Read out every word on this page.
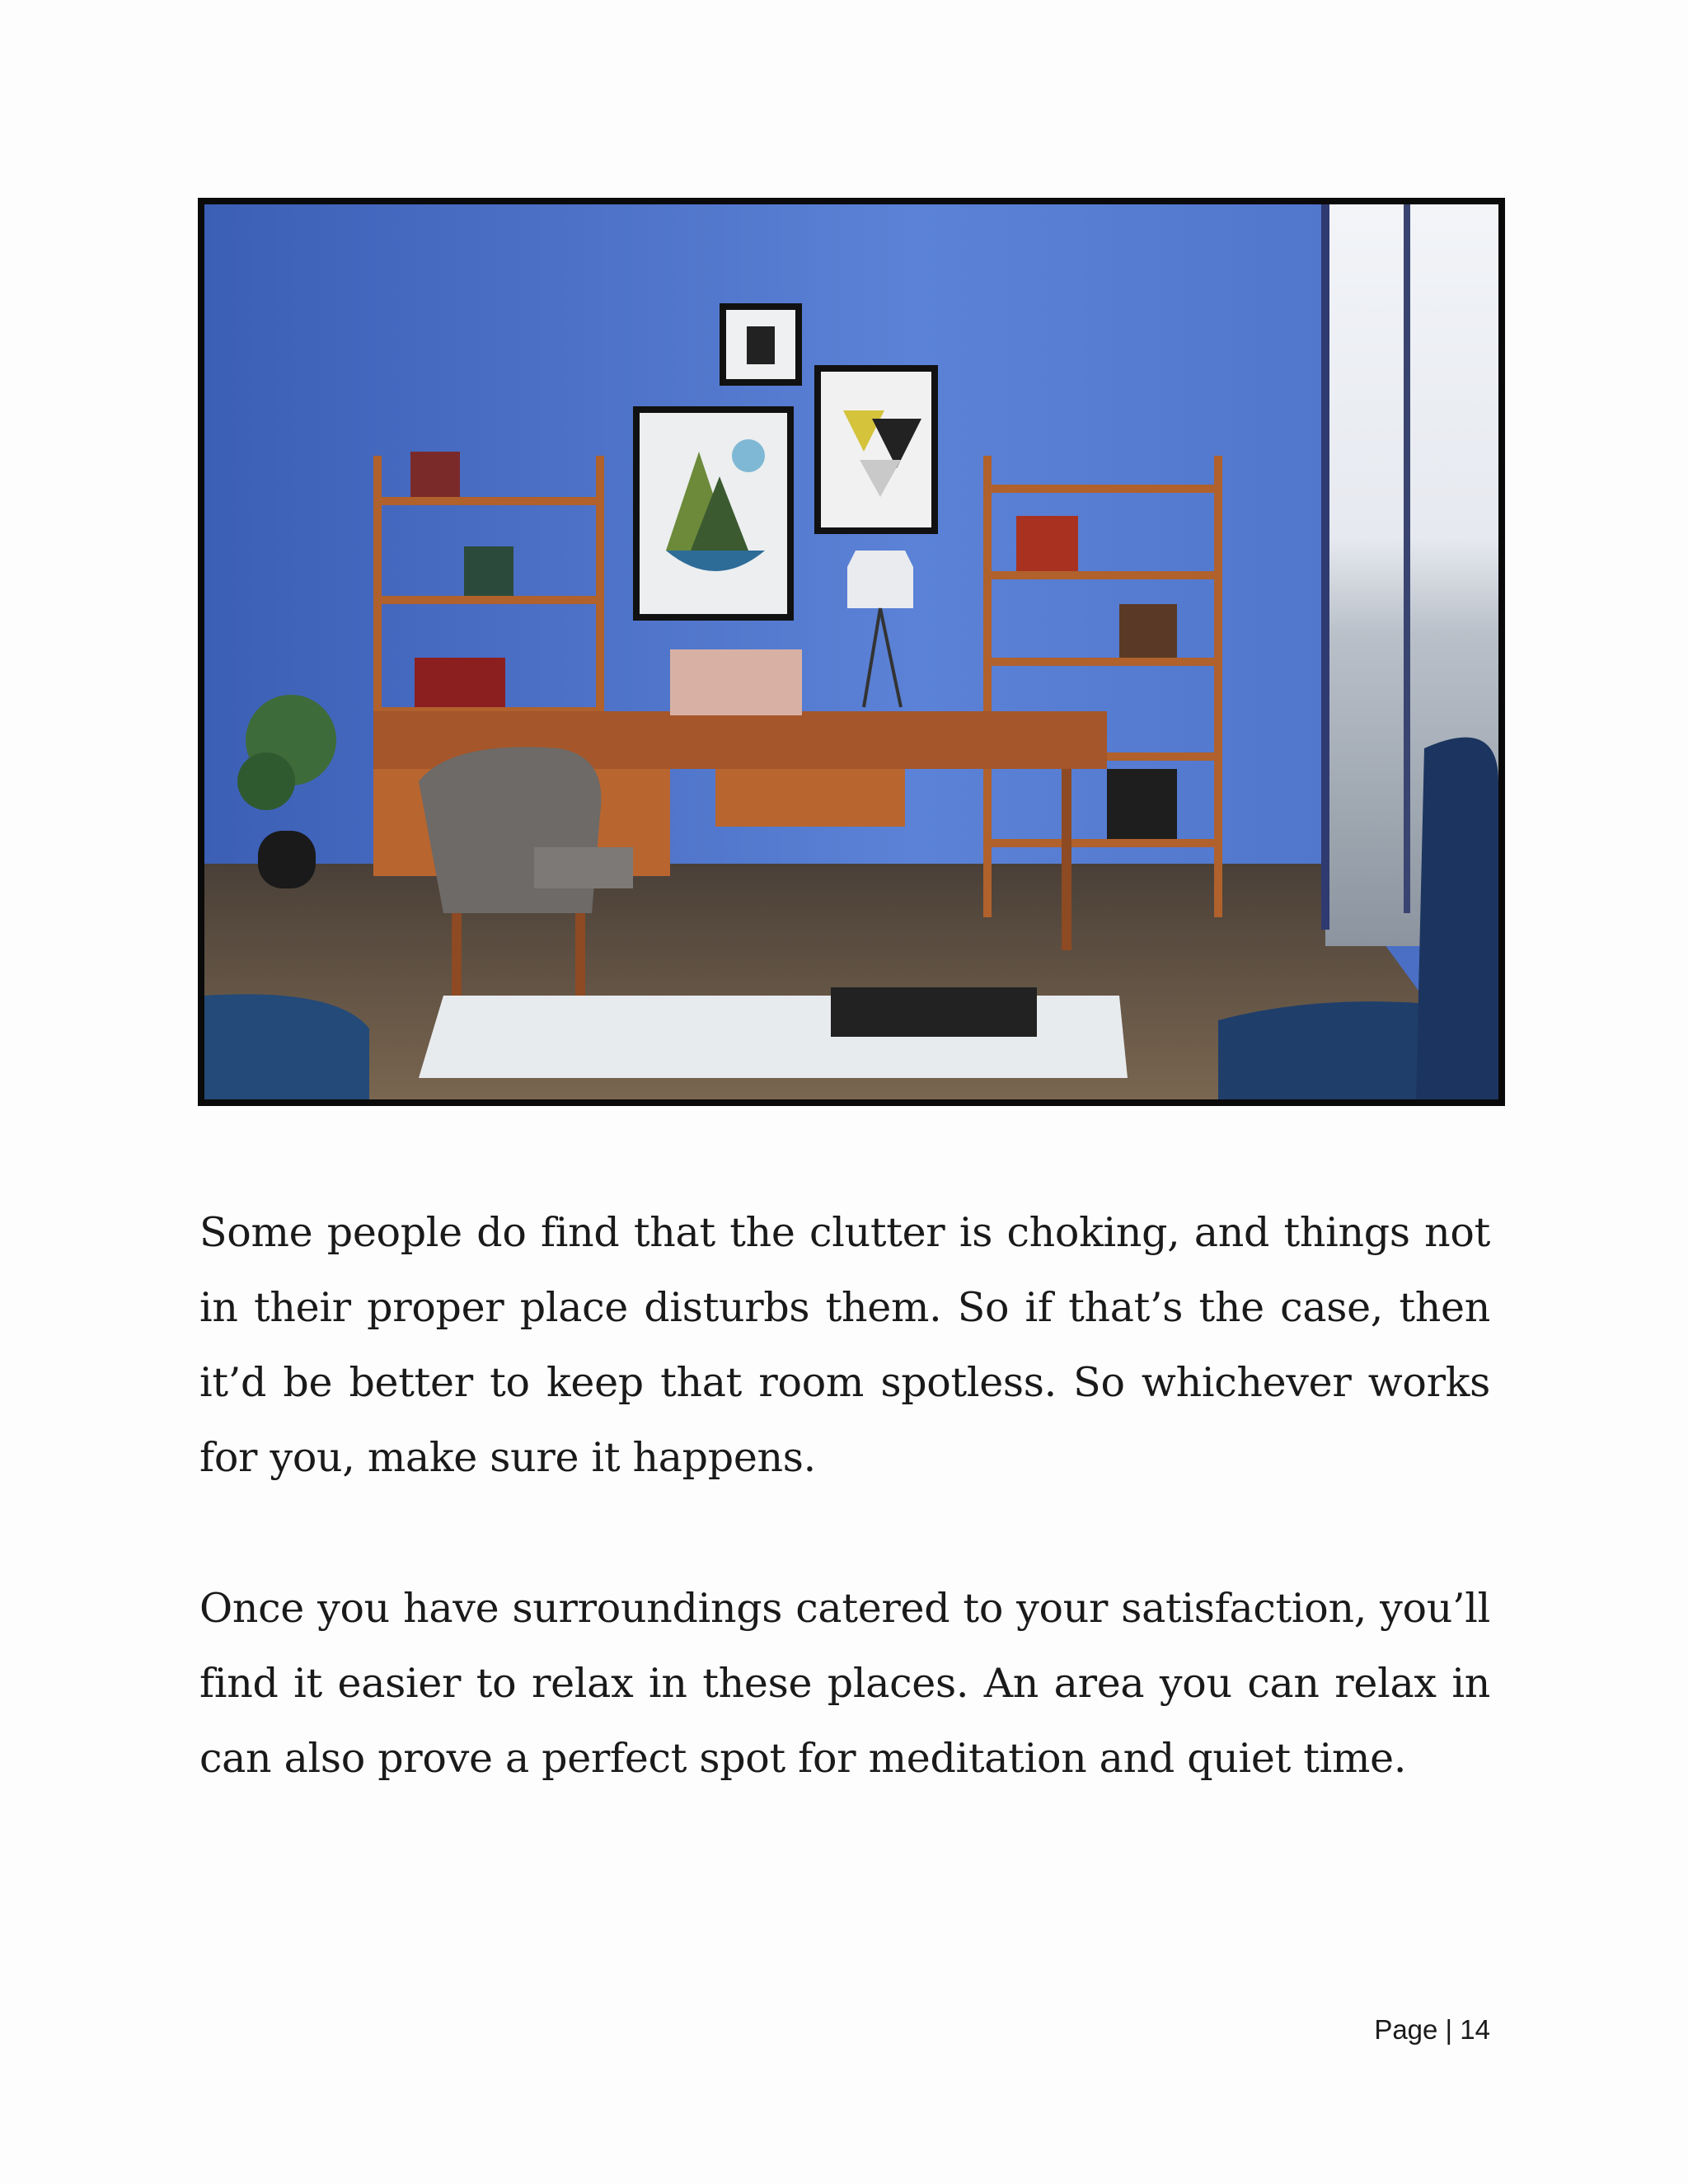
Some people do find that the clutter is choking, and things not in their proper place disturbs them. So if that’s the case, then it’d be better to keep that room spotless. So whichever works for you, make sure it happens.

Once you have surroundings catered to your satisfaction, you’ll find it easier to relax in these places. An area you can relax in can also prove a perfect spot for meditation and quiet time.

Page | 14
